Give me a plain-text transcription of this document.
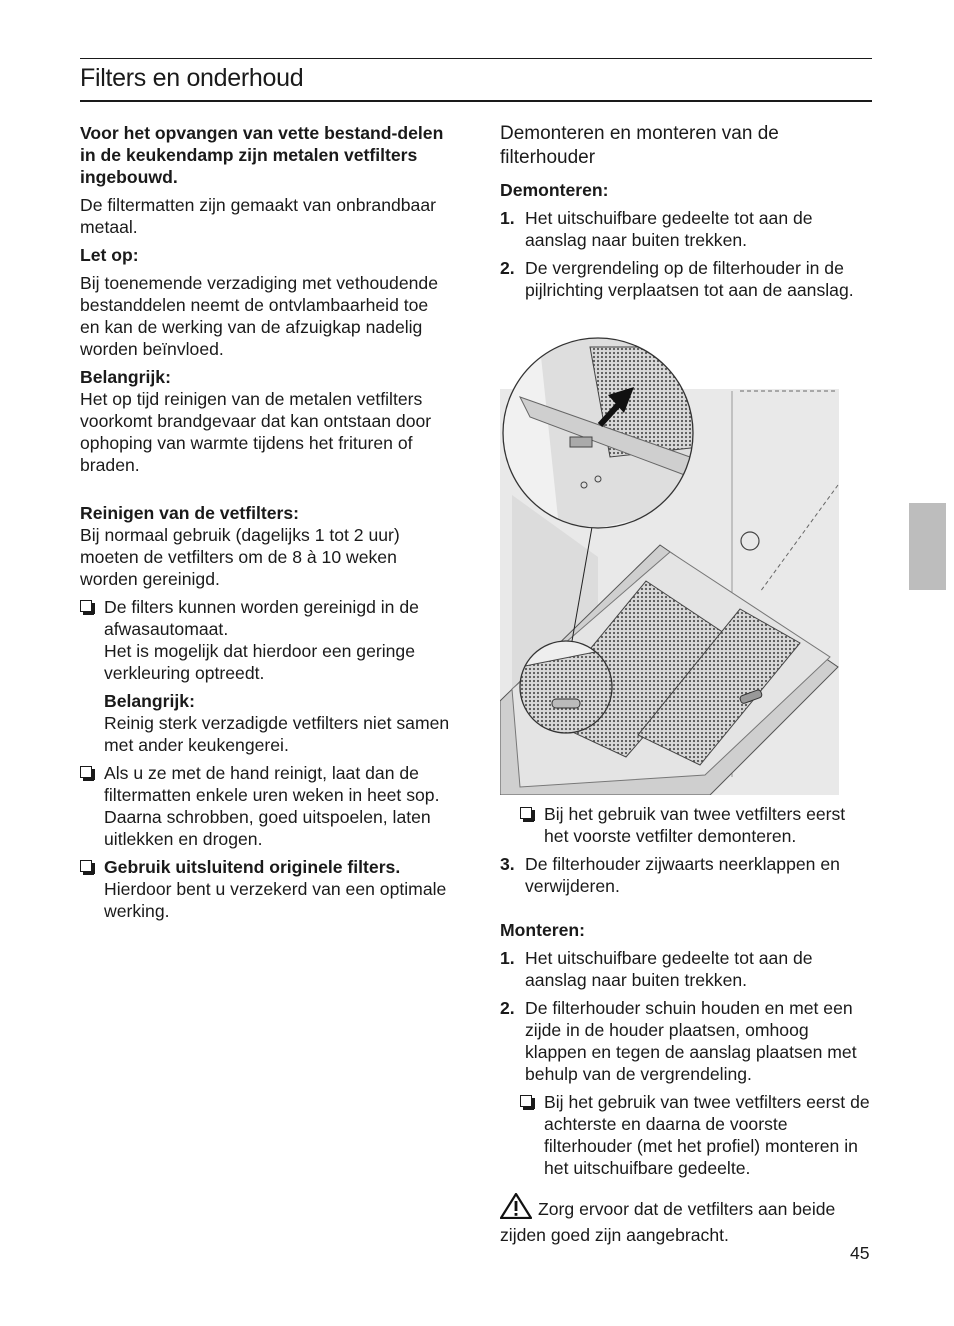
Filters en onderhoud

Voor het opvangen van vette bestand-delen in de keukendamp zijn metalen vetfilters ingebouwd.

De filtermatten zijn gemaakt van onbrandbaar metaal.

Let op:

Bij toenemende verzadiging met vethoudende bestanddelen neemt de ontvlambaarheid toe en kan de werking van de afzuigkap nadelig worden beïnvloed.

Belangrijk:

Het op tijd reinigen van de metalen vetfilters voorkomt brandgevaar dat kan ontstaan door ophoping van warmte tijdens het frituren of braden.

Reinigen van de vetfilters:

Bij normaal gebruik (dagelijks 1 tot 2 uur) moeten de vetfilters om de 8 à 10 weken worden gereinigd.

De filters kunnen worden gereinigd in de afwasautomaat.
Het is mogelijk dat hierdoor een geringe verkleuring optreedt.
Belangrijk:
Reinig sterk verzadigde vetfilters niet samen met ander keukengerei.
Als u ze met de hand reinigt, laat dan de filtermatten enkele uren weken in heet sop.
Daarna schrobben, goed uitspoelen, laten uitlekken en drogen.
Gebruik uitsluitend originele filters.
Hierdoor bent u verzekerd van een optimale werking.

Demonteren en monteren van de filterhouder

Demonteren:

1. Het uitschuifbare gedeelte tot aan de aanslag naar buiten trekken.
2. De vergrendeling op de filterhouder in de pijlrichting verplaatsen tot aan de aanslag.
Bij het gebruik van twee vetfilters eerst het voorste vetfilter demonteren.
3. De filterhouder zijwaarts neerklappen en verwijderen.

Monteren:

1. Het uitschuifbare gedeelte tot aan de aanslag naar buiten trekken.
2. De filterhouder schuin houden en met een zijde in de houder plaatsen, omhoog klappen en tegen de aanslag plaatsen met behulp van de vergrendeling.
Bij het gebruik van twee vetfilters eerst de achterste en daarna de voorste filterhouder (met het profiel) monteren in het uitschuifbare gedeelte.
Zorg ervoor dat de vetfilters aan beide zijden goed zijn aangebracht.
45
